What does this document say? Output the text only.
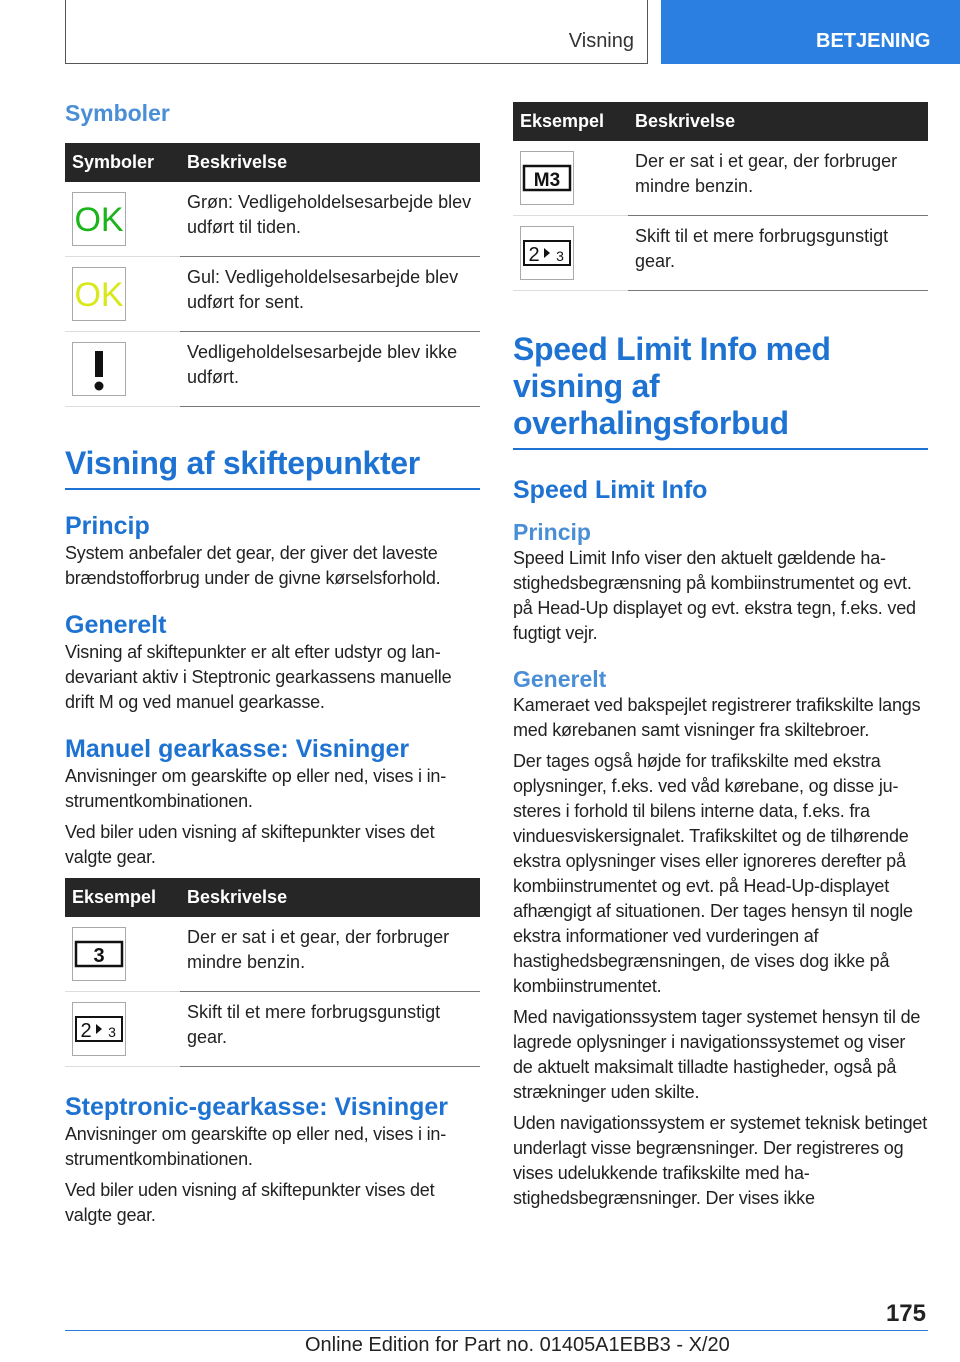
Visning	BETJENING
Symboler
Symboler	Beskrivelse

OK	Grøn: Vedligeholdelsesarbejde blev udført til tiden.

OK	Gul: Vedligeholdelsesarbejde blev udført for sent.

	Vedligeholdelsesarbejde blev ikke udført.
Visning af skiftepunkter
Princip

System anbefaler det gear, der giver det laveste brændstofforbrug under de givne kørselsforhold.

Generelt

Visning af skiftepunkter er alt efter udstyr og landevariant aktiv i Steptronic gearkassens manuelle drift M og ved manuel gearkasse.

Manuel gearkasse: Visninger

Anvisninger om gearskifte op eller ned, vises i instrumentkombinationen.

Ved biler uden visning af skiftepunkter vises det valgte gear.

Eksempel	Beskrivelse

3	Der er sat i et gear, der forbruger mindre benzin.

2 3	Skift til et mere forbrugsgunstigt gear.
Steptronic-gearkasse: Visninger

Anvisninger om gearskifte op eller ned, vises i instrumentkombinationen.

Ved biler uden visning af skiftepunkter vises det valgte gear.

Eksempel	Beskrivelse

M3	Der er sat i et gear, der forbruger mindre benzin.

2 3	Skift til et mere forbrugsgunstigt gear.
Speed Limit Info med visning af overhalingsforbud
Speed Limit Info
Princip

Speed Limit Info viser den aktuelt gældende hastighedsbegrænsning på kombiinstrumentet og evt. på Head-Up displayet og evt. ekstra tegn, f.eks. ved fugtigt vejr.

Generelt

Kameraet ved bakspejlet registrerer trafikskilte langs med kørebanen samt visninger fra skiltebroer.

Der tages også højde for trafikskilte med ekstra oplysninger, f.eks. ved våd kørebane, og disse justeres i forhold til bilens interne data, f.eks. fra vinduesviskersignalet. Trafikskiltet og de tilhørende ekstra oplysninger vises eller ignoreres derefter på kombiinstrumentet og evt. på Head-Up-displayet afhængigt af situationen. Der tages hensyn til nogle ekstra informationer ved vurderingen af hastighedsbegrænsningen, de vises dog ikke på kombiinstrumentet.

Med navigationssystem tager systemet hensyn til de lagrede oplysninger i navigationssystemet og viser de aktuelt maksimalt tilladte hastigheder, også på strækninger uden skilte.

Uden navigationssystem er systemet teknisk betinget underlagt visse begrænsninger. Der registreres og vises udelukkende trafikskilte med hastighedsbegrænsninger. Der vises ikke

175
Online Edition for Part no. 01405A1EBB3 - X/20
